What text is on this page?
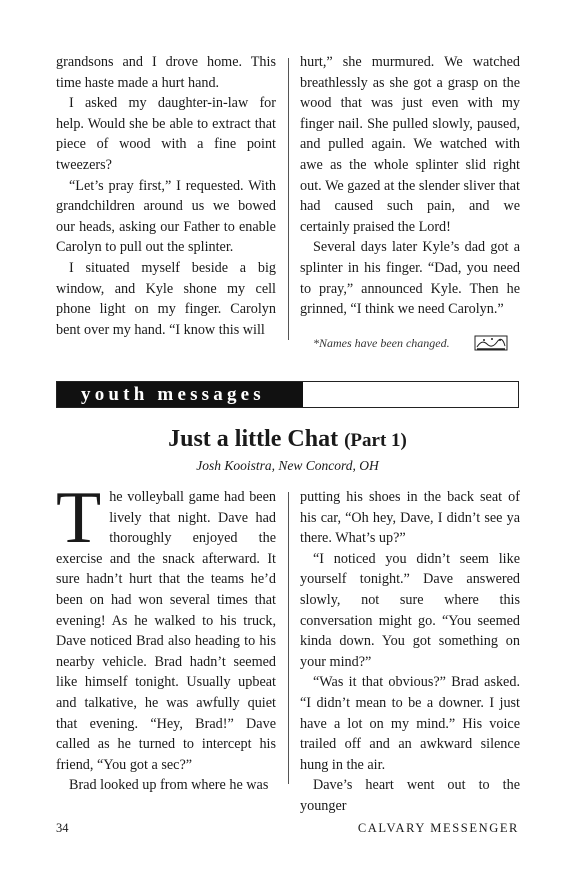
grandsons and I drove home. This time haste made a hurt hand.

I asked my daughter-in-law for help. Would she be able to extract that piece of wood with a fine point tweezers?

“Let’s pray first,” I requested. With grandchildren around us we bowed our heads, asking our Father to enable Carolyn to pull out the splinter.

I situated myself beside a big window, and Kyle shone my cell phone light on my finger. Carolyn bent over my hand. “I know this will

hurt,” she murmured. We watched breathlessly as she got a grasp on the wood that was just even with my finger nail. She pulled slowly, paused, and pulled again. We watched with awe as the whole splinter slid right out. We gazed at the slender sliver that had caused such pain, and we certainly praised the Lord!

Several days later Kyle’s dad got a splinter in his finger. “Dad, you need to pray,” announced Kyle. Then he grinned, “I think we need Carolyn.”

*Names have been changed.
youth messages
Just a little Chat (Part 1)
Josh Kooistra, New Concord, OH

The volleyball game had been lively that night. Dave had thoroughly enjoyed the exercise and the snack afterward. It sure hadn’t hurt that the teams he’d been on had won several times that evening! As he walked to his truck, Dave noticed Brad also heading to his nearby vehicle. Brad hadn’t seemed like himself tonight. Usually upbeat and talkative, he was awfully quiet that evening. “Hey, Brad!” Dave called as he turned to intercept his friend, “You got a sec?”

Brad looked up from where he was

putting his shoes in the back seat of his car, “Oh hey, Dave, I didn’t see ya there. What’s up?”

“I noticed you didn’t seem like yourself tonight.” Dave answered slowly, not sure where this conversation might go. “You seemed kinda down. You got something on your mind?”

“Was it that obvious?” Brad asked. “I didn’t mean to be a downer. I just have a lot on my mind.” His voice trailed off and an awkward silence hung in the air.

Dave’s heart went out to the younger

34	CALVARY MESSENGER
